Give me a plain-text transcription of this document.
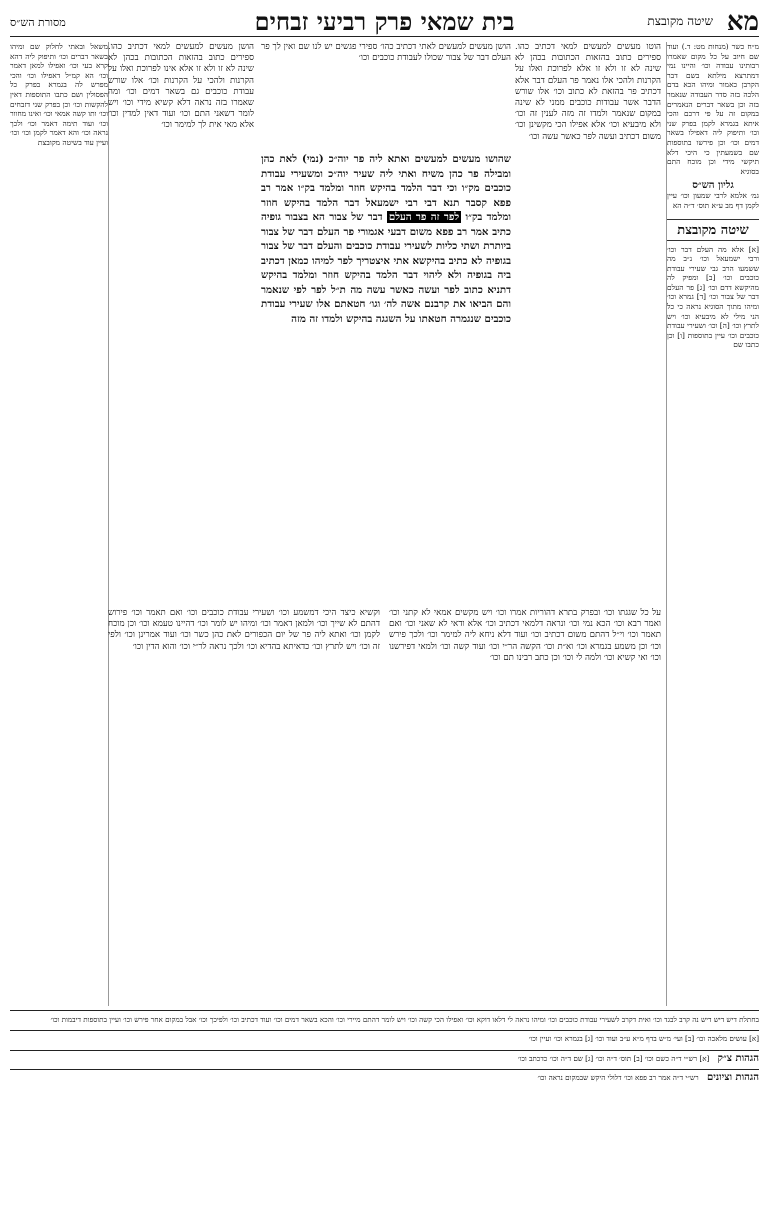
מא
שיטה מקובצת
בית שמאי פרק רביעי זבחים
מסורת הש״ס
מ״ח כשר (מנחות מט: ד.) ועוד שם חיוב על כל מקום שאמרו רבותינו עבודה וכו׳ והיינו נמי דמתרצא מילתא בשם דבר הקרבן כאמור ומיהו הכא בדם הלכה בזה סדר העבודה שנאמר בזה וכן בשאר דברים הנאמרים במקום זה על פי דרכם והכי איתא בגמרא לקמן בפרק שני וכו׳ ותיפוק ליה דאפילו בשאר דמים וכו׳ וכן פירשו בתוספות שם בשמעתין כי היכי דלא תיקשי מידי וכן מוכח התם בסוגיא
גליון הש״ס
גמ׳ אלמא לרבי שמעון וכו׳ עיין לקמן דף מב ע״א תוס׳ ד״ה הא
שיטה מקובצת
[א] אלא מה העלם דבר וכו׳ ורבי ישמעאל וכו׳ נ״ב מה ששמעו הרב גבי שעירי עבודת כוכבים וכו׳ [ב] ומפיק לה מהיקשא דדם וכו׳ [ג] פר העלם דבר של צבור וכו׳ [ד] גמרא וכו׳ ומיהו מתוך הסוגיא נראה כי כל הני מילי לא מיבעיא וכו׳ ויש לתרץ וכו׳ [ה] וכו׳ ושעירי עבודת כוכבים וכו׳ עיין בתוספות [ו] וכן כתבו שם
משאל ובאתי לחלוק שם ומיהו בשאר דברים וכו׳ ותיפוק ליה דהא קרא בעי וכו׳ ואפילו למאן דאמר וכו׳ הא קמ״ל דאפילו וכו׳ והכי מפרש לה בגמרא בפרק כל הפסולין ושם כתבו התוספות דאין להקשות וכו׳ וכן בפרק שני דזבחים וכו׳ ותו קשה אמאי וכו׳ ואינו מחוור וכו׳ ועוד תימה דאמר וכו׳ ולכך נראה וכו׳ והא דאמר לקמן וכו׳ וכו׳ ועיין עוד בשיטה מקובצת
הוטו מעשים למעשים למאי דכתיב כהו. ספירים כתוב בהזאות הכתובות בכהן לא שינה לא זו ולא זו אלא לפרוכת ואלו על הקרנות ולהכי אלו נאמר פר העלם דבר אלא דכתיב פר בהזאת לא כתוב וכו׳ אלו שורש הדבר אשר עבודות כוכבים ממני לא שינה במקום שנאמר ולמדו זה מזה לענין זה וכו׳ ולא מיבעיא וכו׳ אלא אפילו הכי מקשינן וכו׳ משום דכתיב ועשה לפר כאשר עשה וכו׳
הושן מעשים למעשים למאי דכתיב כהו. ספירים כתוב בהזאות הכתובות בכהן לא שינה לא זו ולא זו אלא אינו לפרוכת ואלו על הקרנות ולהכי על הקרנות וכו׳ אלו שורש עבודת כוכבים גם בשאר דמים וכו׳ ומה שאמרו בזה נראה דלא קשיא מידי וכו׳ ויש לומר דשאני התם וכו׳ ועוד דאין למדין וכו׳ אלא מאי אית לך למימר וכו׳
הושן מעשים למעשים לאתי דכתיב כהו׳ ספירי פגשים יש לנו שם ואין לך פר העלם דבר של צבור שכולו לעבודת כוכבים וכו׳
שהושו מעשים למעשים ואתא ליה פר יוה״כ (נמי) לאת כהן ומבילה פר כהן משיח ואתי ליה שעיר יוה״כ ומשעירי עבודת כוכבים מק״ו וכי דבר הלמד בהיקש חוזר ומלמד בק״ו אמר רב פפא קסבר תנא דבי רבי ישמעאל דבר הלמד בהיקש חוזר ומלמד בק״ו לפר זה פר העלם דבר של צבור הא בצבור גופיה כתיב אמר רב פפא משום דבעי אגמורי פר העלם דבר של צבור ביותרת ושתי כליות לשעירי עבודת כוכבים והעלם דבר של צבור בגופיה לא כתיב בהיקשא אתי איצטריך לפר למיהו כמאן דכתיב ביה בגופיה ולא ליהוי דבר הלמד בהיקש חוזר ומלמד בהיקש דתניא כתוב לפר ועשה כאשר עשה מה ת״ל לפר לפי שנאמר והם הביאו את קרבנם אשה לה׳ וגו׳ חטאתם אלו שעירי עבודת כוכבים שנגמרה חטאתו על השגגה בהיקש ולמדו זה מזה
על כל שגגתו וכו׳ ובפרק בתרא דהוריות אמרו וכו׳ ויש מקשים אמאי לא קתני וכו׳ ואמר רבא וכו׳ הכא נמי וכו׳ ונראה דלמאי דכתיב וכו׳ אלא ודאי לא שאני וכו׳ ואם תאמר וכו׳ וי״ל דהתם משום דכתיב וכו׳ ועוד דלא ניחא ליה למימר וכו׳ ולכך פירש וכו׳ וכן משמע בגמרא וכו׳ וא״ת וכו׳ הקשה הר״י וכו׳ ועוד קשה וכו׳ ולמאי דפירשנו וכו׳ ואי קשיא וכו׳ ולמה לי וכו׳ וכן כתב רבינו תם וכו׳
וקשיא כיצד היכי דמשמע וכו׳ ושעירי עבודת כוכבים וכו׳ ואם תאמר וכו׳ פירוש דהתם לא שייך וכו׳ ולמאן דאמר וכו׳ ומיהו יש לומר וכו׳ דהיינו טעמא וכו׳ וכן מוכח לקמן וכו׳ ואתא ליה פר של יום הכפורים לאת כהן כשר וכו׳ ועוד אמרינן וכו׳ ולפי זה וכו׳ ויש לתרץ וכו׳ כדאיתא בהדיא וכו׳ ולכך נראה לר״י וכו׳ והוא הדין וכו׳
בחתלת דיש דיש דיש נה קרב לבגד וכו׳ ואית דקרב לשעירי עבודת כוכבים וכו׳ ומיהו נראה לי דלאו דוקא וכו׳ ואפילו הכי קשה וכו׳ ויש לומר דהתם מיירי וכו׳ והכא בשאר דמים וכו׳ ועוד דכתיב וכו׳ ולפיכך וכו׳ אבל במקום אחר פירש וכו׳ ועיין בתוספות דיבמות וכו׳
[א] עושים מלאכה וכו׳ [ב] ועי׳ מ״ש בדף מ״א ע״ב ועוד וכו׳ [ג] בגמרא וכו׳ ועיין וכו׳
הגהות צ״ק [א] רש״י ד״ה כשם וכו׳ [ב] תוס׳ ד״ה וכו׳ [ג] שם ד״ה וכו׳ כדכתב וכו׳
הגהות וציונים רש״י ד״ה אמר רב פפא וכו׳ דלולי היקש שבמקום נראה וכו׳
